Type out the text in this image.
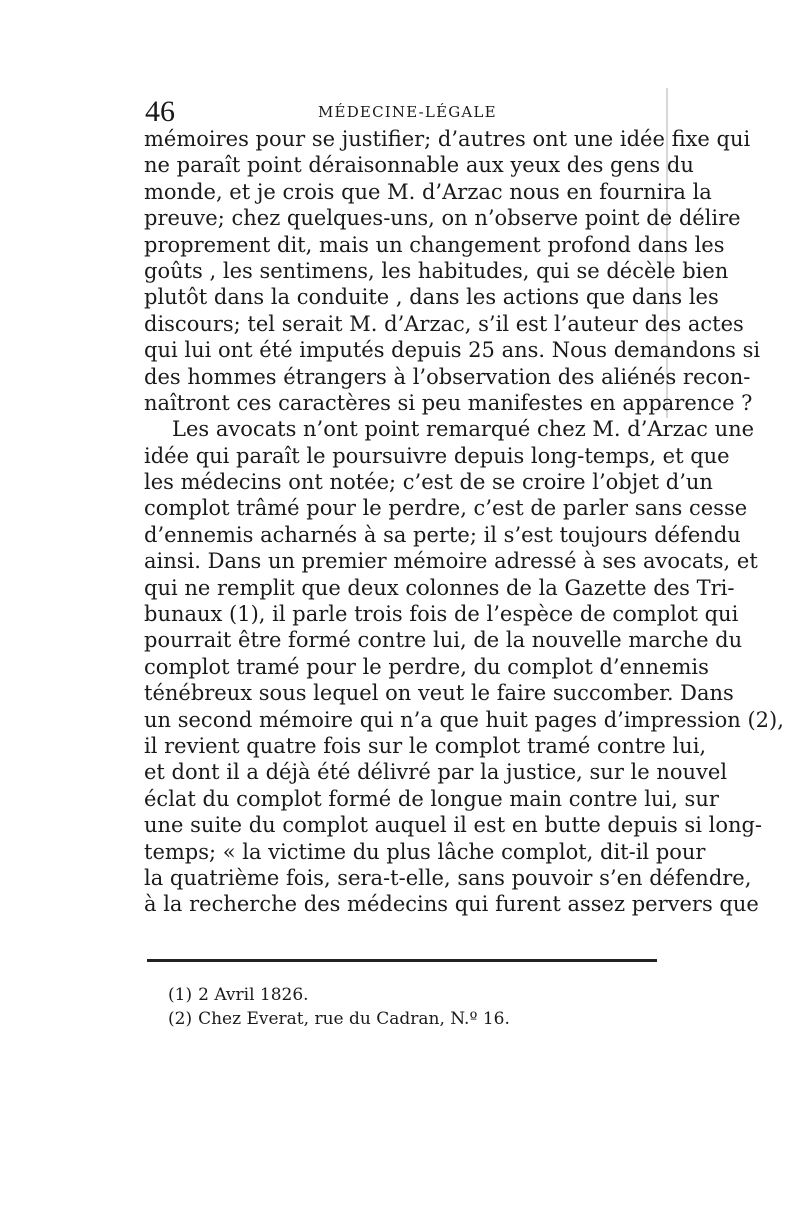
46	MÉDECINE-LÉGALE
mémoires pour se justifier; d’autres ont une idée fixe qui
ne paraît point déraisonnable aux yeux des gens du
monde, et je crois que M. d’Arzac nous en fournira la
preuve; chez quelques-uns, on n’observe point de délire
proprement dit, mais un changement profond dans les
goûts , les sentimens, les habitudes, qui se décèle bien
plutôt dans la conduite , dans les actions que dans les
discours; tel serait M. d’Arzac, s’il est l’auteur des actes
qui lui ont été imputés depuis 25 ans. Nous demandons si
des hommes étrangers à l’observation des aliénés recon-
naîtront ces caractères si peu manifestes en apparence ?
Les avocats n’ont point remarqué chez M. d’Arzac une
idée qui paraît le poursuivre depuis long-temps, et que
les médecins ont notée; c’est de se croire l’objet d’un
complot trâmé pour le perdre, c’est de parler sans cesse
d’ennemis acharnés à sa perte; il s’est toujours défendu
ainsi. Dans un premier mémoire adressé à ses avocats, et
qui ne remplit que deux colonnes de la Gazette des Tri-
bunaux (1), il parle trois fois de l’espèce de complot qui
pourrait être formé contre lui, de la nouvelle marche du
complot tramé pour le perdre, du complot d’ennemis
ténébreux sous lequel on veut le faire succomber. Dans
un second mémoire qui n’a que huit pages d’impression (2),
il revient quatre fois sur le complot tramé contre lui,
et dont il a déjà été délivré par la justice, sur le nouvel
éclat du complot formé de longue main contre lui, sur
une suite du complot auquel il est en butte depuis si long-
temps; « la victime du plus lâche complot, dit-il pour
la quatrième fois, sera-t-elle, sans pouvoir s’en défendre,
à la recherche des médecins qui furent assez pervers que
(1) 2 Avril 1826.
(2) Chez Everat, rue du Cadran, N.º 16.
